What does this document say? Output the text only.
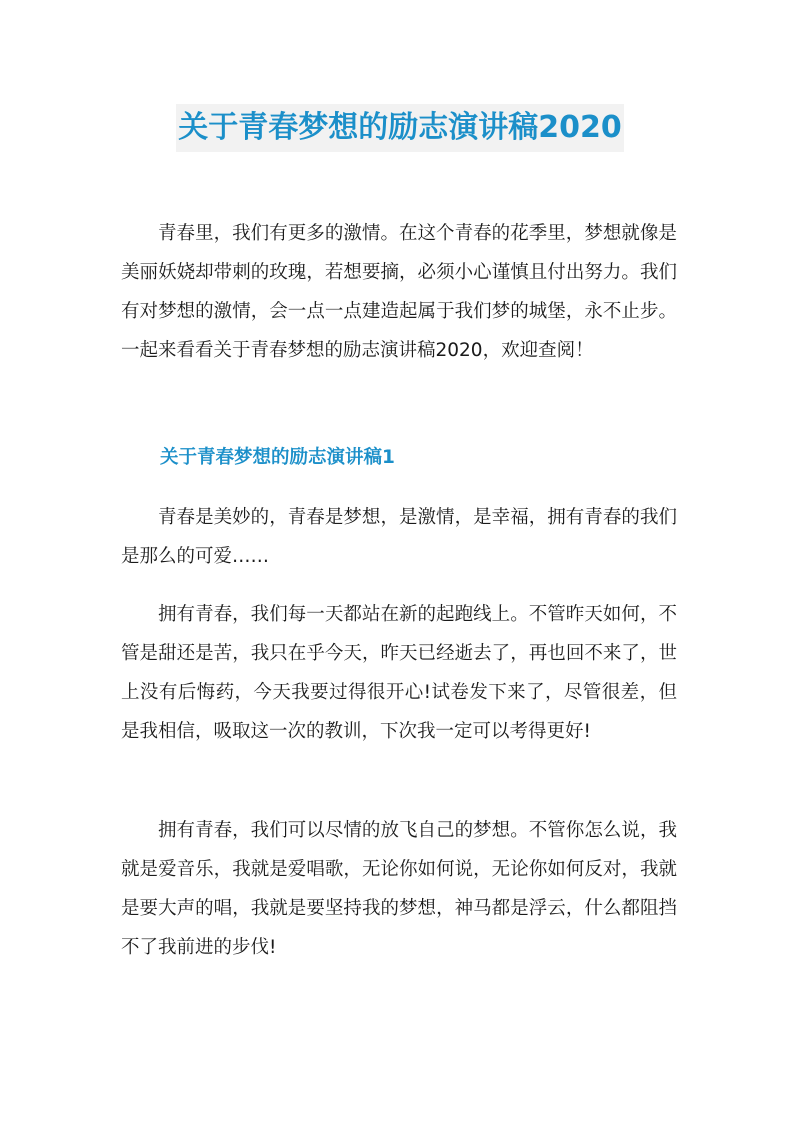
关于青春梦想的励志演讲稿2020

青春里，我们有更多的激情。在这个青春的花季里，梦想就像是美丽妖娆却带刺的玫瑰，若想要摘，必须小心谨慎且付出努力。我们有对梦想的激情，会一点一点建造起属于我们梦的城堡，永不止步。一起来看看关于青春梦想的励志演讲稿2020，欢迎查阅！

关于青春梦想的励志演讲稿1

青春是美妙的，青春是梦想，是激情，是幸福，拥有青春的我们是那么的可爱……

拥有青春，我们每一天都站在新的起跑线上。不管昨天如何，不管是甜还是苦，我只在乎今天，昨天已经逝去了，再也回不来了，世上没有后悔药，今天我要过得很开心!试卷发下来了，尽管很差，但是我相信，吸取这一次的教训，下次我一定可以考得更好!

拥有青春，我们可以尽情的放飞自己的梦想。不管你怎么说，我就是爱音乐，我就是爱唱歌，无论你如何说，无论你如何反对，我就是要大声的唱，我就是要坚持我的梦想，神马都是浮云，什么都阻挡不了我前进的步伐!
